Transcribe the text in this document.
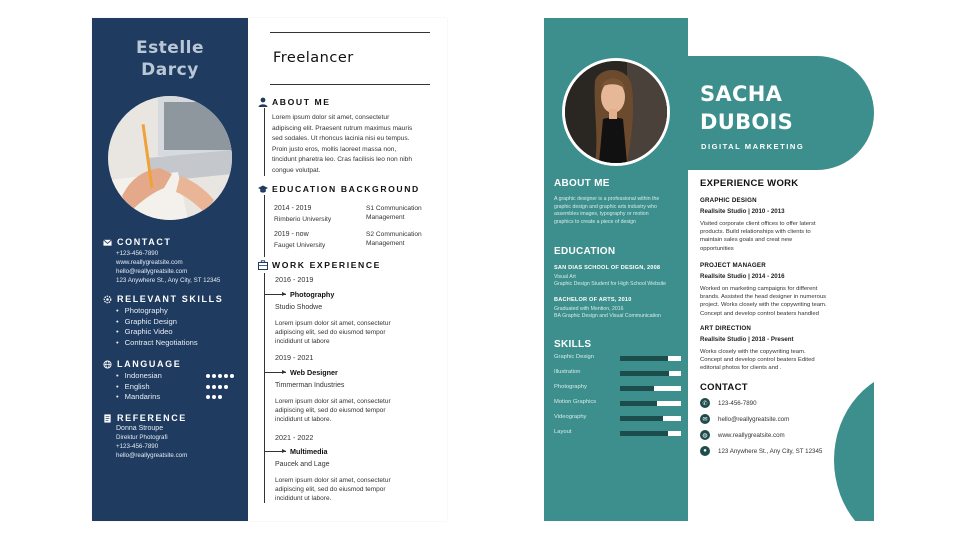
Estelle
Darcy
CONTACT
+123-456-7890
www.reallygreatsite.com
hello@reallygreatsite.com
123 Anywhere St., Any City, ST 12345
RELEVANT SKILLS
• Photography
• Graphic Design
• Graphic Video
• Contract Negotiations
LANGUAGE
• Indonesian
• English
• Mandarins
REFERENCE
Donna Stroupe
Direktur Photografi
+123-456-7890
hello@reallygreatsite.com
Freelancer
ABOUT ME
Lorem ipsum dolor sit amet, consectetur
adipiscing elit. Praesent rutrum maximus mauris
sed sodales. Ut rhoncus lacinia nisi eu tempus.
Proin justo eros, mollis laoreet massa non,
tincidunt pharetra leo. Cras facilisis leo non nibh
congue volutpat.
EDUCATION BACKGROUND
2014 - 2019
Rimberio University
S1 Communication
Management
2019 - now
Fauget University
S2 Communication
Management
WORK EXPERIENCE
2016 - 2019
Photography
Studio Shodwe
Lorem ipsum dolor sit amet, consectetur
adipiscing elit, sed do eiusmod tempor
incididunt ut labore
2019 - 2021
Web Designer
Timmerman Industries
Lorem ipsum dolor sit amet, consectetur
adipiscing elit, sed do eiusmod tempor
incididunt ut labore.
2021 - 2022
Multimedia
Paucek and Lage
Lorem ipsum dolor sit amet, consectetur
adipiscing elit, sed do eiusmod tempor
incididunt ut labore.
ABOUT ME
A graphic designer is a professional within the
graphic design and graphic arts industry who
assembles images, typography or motion
graphics to create a piece of design
EDUCATION
SAN DIAS SCHOOL OF DESIGN, 2008
Visual Art
Graphic Design Student for High School Website
BACHELOR OF ARTS, 2010
Graduated with Mention, 2016
BA Graphic Design and Visual Communication
SKILLS
Graphic Design
Illustration
Photography
Motion Graphics
Videography
Layout
SACHA
DUBOIS
DIGITAL MARKETING
EXPERIENCE WORK
GRAPHIC DESIGN
Reallsite Studio | 2010 - 2013
Visited corporate client offices to offer laterst
products. Build relationships with clients to
maintain sales goals and creat new
opportunities
PROJECT MANAGER
Reallsite Studio | 2014 - 2016
Worked on marketing campaigns for different
brands. Assisted the head designer in numerous
project. Works closely with the copywriting team.
Concept and develop control beaters handled
ART DIRECTION
Reallsite Studio | 2018 - Present
Works closely with the copywriting team.
Concept and develop control beaters Edited
editorial photos for clients and .
CONTACT
✆	123-456-7890
✉	hello@reallygreatsite.com
◍	www.reallygreatsite.com
●	123 Anywhere St., Any City, ST 12345
